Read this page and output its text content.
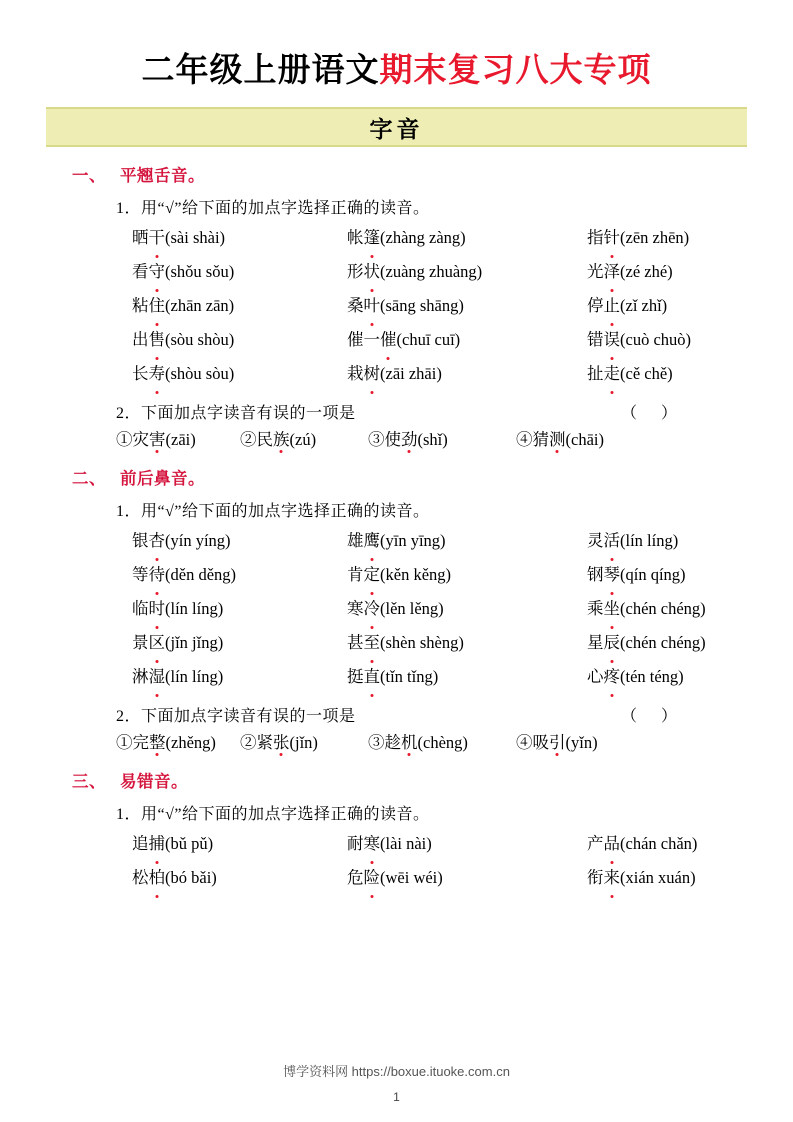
二年级上册语文期末复习八大专项
字音
一、 平翘舌音。
1．用“√”给下面的加点字选择正确的读音。
晒干(sài shài)	帐篷(zhàng zàng)	指针(zēn zhēn)
看守(shǒu sǒu)	形状(zuàng zhuàng)	光泽(zé zhé)
粘住(zhān zān)	桑叶(sāng shāng)	停止(zǐ zhǐ)
出售(sòu shòu)	催一催(chuī cuī)	错误(cuò chuò)
长寿(shòu sòu)	栽树(zāi zhāi)	扯走(cě chě)
2．下面加点字读音有误的一项是	（ ）
①灾害(zāi)	②民族(zú)	③使劲(shǐ)	④猜测(chāi)
二、 前后鼻音。
1．用“√”给下面的加点字选择正确的读音。
银杏(yín yíng)	雄鹰(yīn yīng)	灵活(lín líng)
等待(děn děng)	肯定(kěn kěng)	钢琴(qín qíng)
临时(lín líng)	寒冷(lěn lěng)	乘坐(chén chéng)
景区(jǐn jǐng)	甚至(shèn shèng)	星辰(chén chéng)
淋湿(lín líng)	挺直(tǐn tǐng)	心疼(tén téng)
2．下面加点字读音有误的一项是	（ ）
①完整(zhěng)	②紧张(jǐn)	③趁机(chèng)	④吸引(yǐn)
三、 易错音。
1．用“√”给下面的加点字选择正确的读音。
追捕(bǔ pǔ)	耐寒(lài nài)	产品(chán chǎn)
松柏(bó bǎi)	危险(wēi wéi)	衔来(xián xuán)
博学资料网 https://boxue.ituoke.com.cn
1
